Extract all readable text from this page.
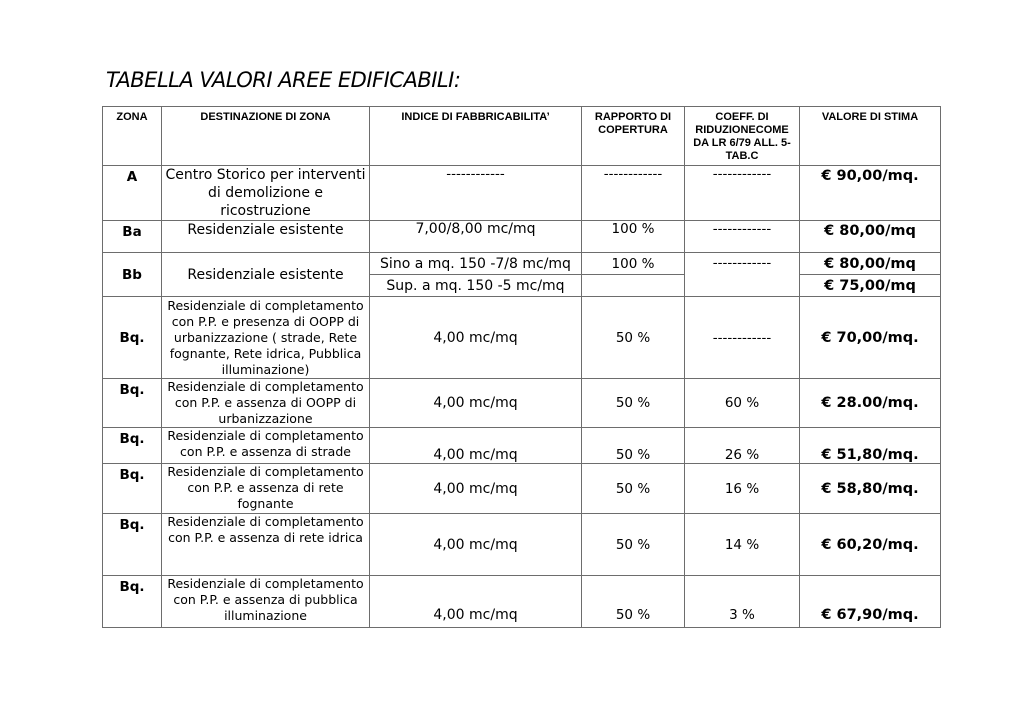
TABELLA VALORI AREE EDIFICABILI:
ZONA	DESTINAZIONE DI ZONA	INDICE DI FABBRICABILITA’	RAPPORTO DI COPERTURA	COEFF. DI RIDUZIONECOME DA LR 6/79 ALL. 5-TAB.C	VALORE DI STIMA
A	Centro Storico per interventi di demolizione e ricostruzione	------------	------------	------------	€ 90,00/mq.
Ba	Residenziale esistente	7,00/8,00 mc/mq	100 %	------------	€ 80,00/mq
Bb	Residenziale esistente	Sino a mq. 150 -7/8 mc/mq	100 %	------------	€ 80,00/mq
		Sup. a mq. 150 -5 mc/mq			€ 75,00/mq
Bq.	Residenziale di completamento con P.P. e presenza di OOPP di urbanizzazione ( strade, Rete fognante, Rete idrica, Pubblica illuminazione)	4,00 mc/mq	50 %	------------	€ 70,00/mq.
Bq.	Residenziale di completamento con P.P. e assenza di OOPP di urbanizzazione	4,00 mc/mq	50 %	60 %	€ 28.00/mq.
Bq.	Residenziale di completamento con P.P. e assenza di strade	4,00 mc/mq	50 %	26 %	€ 51,80/mq.
Bq.	Residenziale di completamento con P.P. e assenza di rete fognante	4,00 mc/mq	50 %	16 %	€ 58,80/mq.
Bq.	Residenziale di completamento con P.P. e assenza di rete idrica	4,00 mc/mq	50 %	14 %	€ 60,20/mq.
Bq.	Residenziale di completamento con P.P. e assenza di pubblica illuminazione	4,00 mc/mq	50 %	3 %	€ 67,90/mq.
